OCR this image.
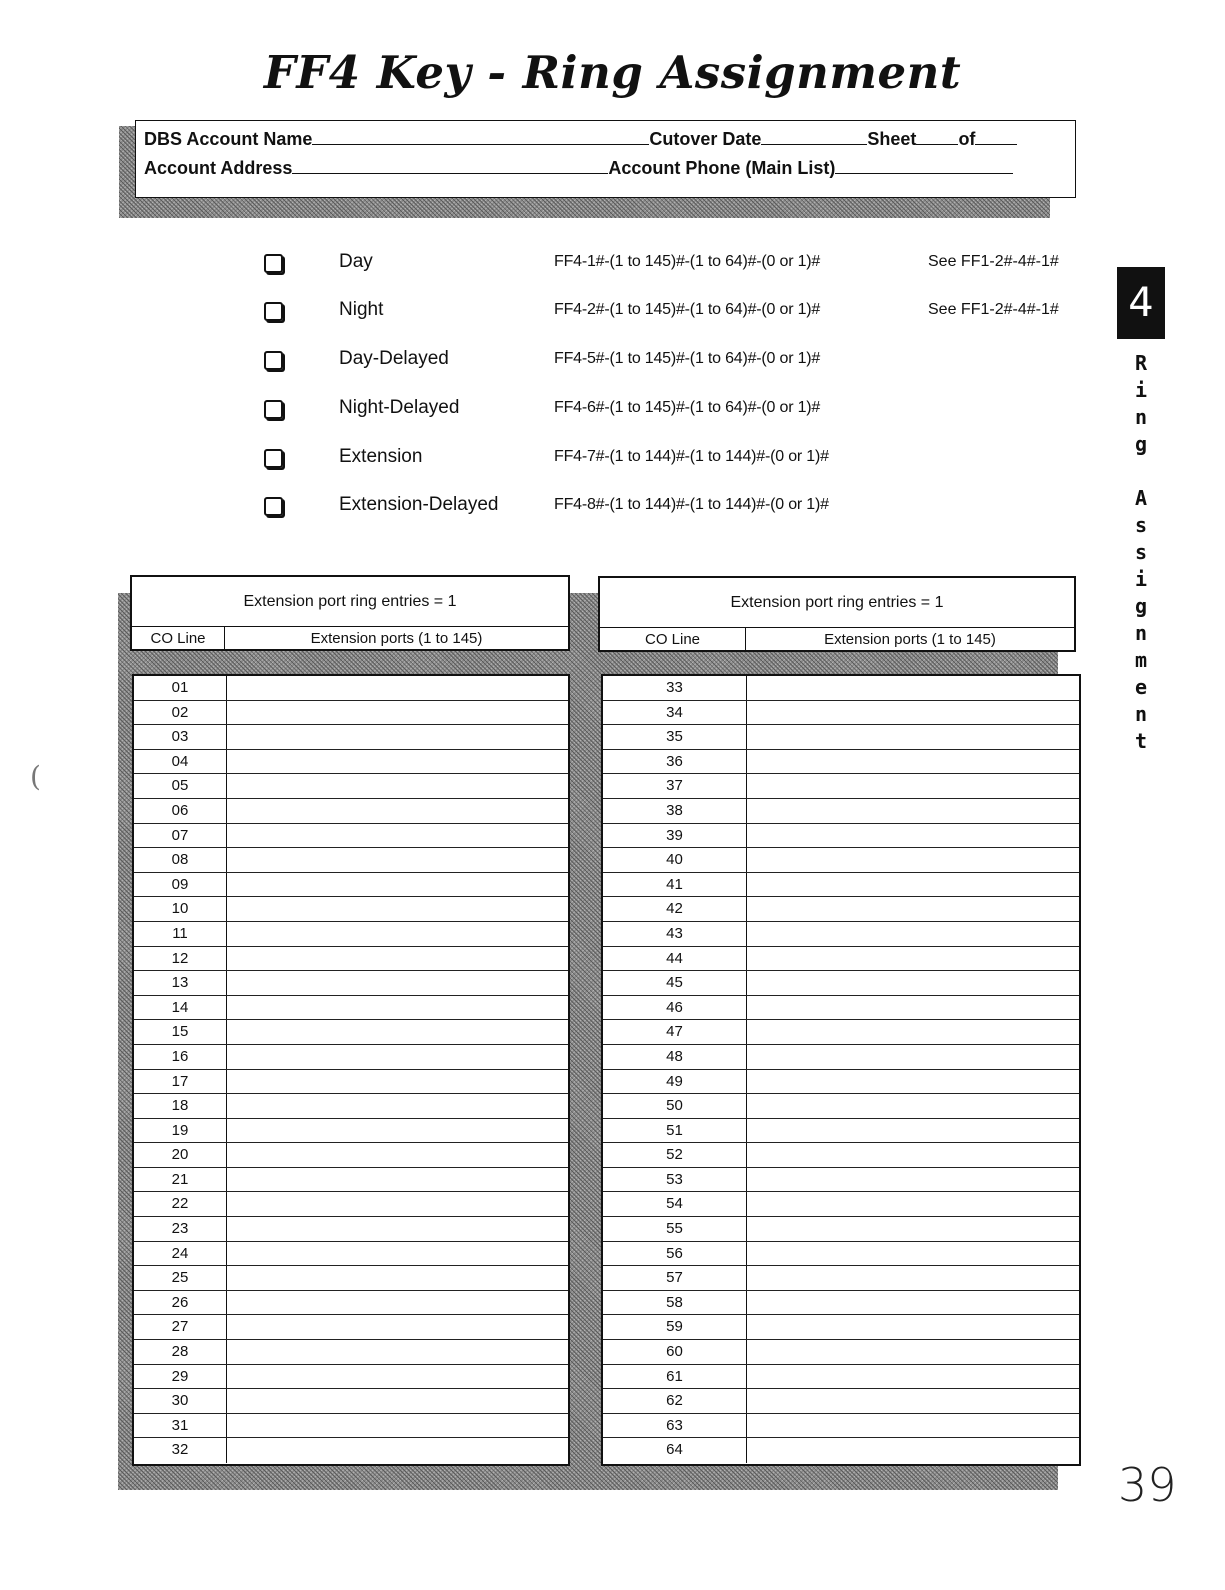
FF4 Key - Ring Assignment
DBS Account Name	Cutover Date	Sheet of
Account Address	Account Phone (Main List)
Day	FF4-1#-(1 to 145)#-(1 to 64)#-(0 or 1)#	See FF1-2#-4#-1#
Night	FF4-2#-(1 to 145)#-(1 to 64)#-(0 or 1)#	See FF1-2#-4#-1#
Day-Delayed	FF4-5#-(1 to 145)#-(1 to 64)#-(0 or 1)#
Night-Delayed	FF4-6#-(1 to 145)#-(1 to 64)#-(0 or 1)#
Extension	FF4-7#-(1 to 144)#-(1 to 144)#-(0 or 1)#
Extension-Delayed	FF4-8#-(1 to 144)#-(1 to 144)#-(0 or 1)#
4
R
i
n
g

A
s
s
i
g
n
m
e
n
t
Extension port ring entries = 1
CO Line	Extension ports (1 to 145)
Extension port ring entries = 1
CO Line	Extension ports (1 to 145)
01
02
03
04
05
06
07
08
09
10
11
12
13
14
15
16
17
18
19
20
21
22
23
24
25
26
27
28
29
30
31
32
33
34
35
36
37
38
39
40
41
42
43
44
45
46
47
48
49
50
51
52
53
54
55
56
57
58
59
60
61
62
63
64
(
39
